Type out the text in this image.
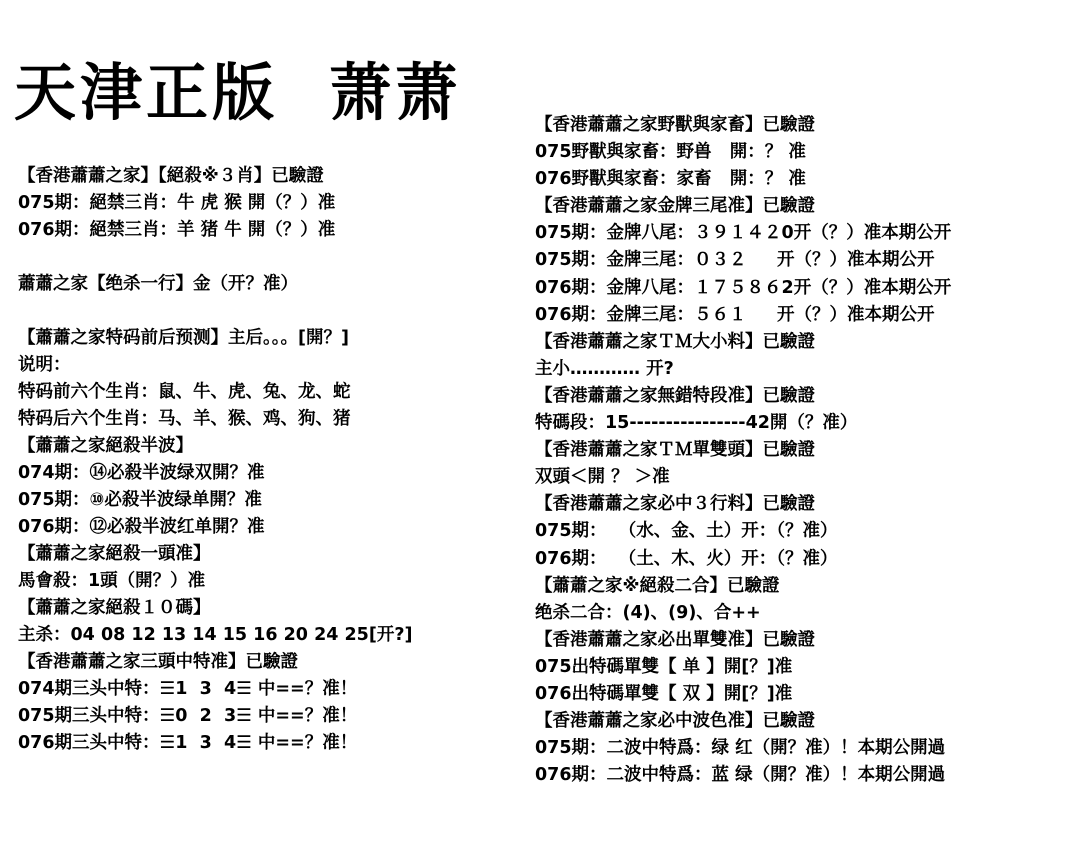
天津正版  萧萧
【香港蕭蕭之家】【絕殺※３肖】已驗證
075期：絕禁三肖：牛 虎 猴 開（？）准
076期：絕禁三肖：羊 猪 牛 開（？）准
蕭蕭之家【绝杀一行】金（开？准）
【蕭蕭之家特码前后预测】主后。。。[開？]
说明：
特码前六个生肖：鼠、牛、虎、兔、龙、蛇
特码后六个生肖：马、羊、猴、鸡、狗、猪
【蕭蕭之家絕殺半波】
074期：⑭必殺半波绿双開？准
075期：⑩必殺半波绿单開？准
076期：⑫必殺半波红单開？准
【蕭蕭之家絕殺一頭准】
馬會殺：1頭（開？）准
【蕭蕭之家絕殺１０碼】
主杀：04 08 12 13 14 15 16 20 24 25[开?]
【香港蕭蕭之家三頭中特准】已驗證
074期三头中特：☰1  3  4☰ 中==？准！
075期三头中特：☰0  2  3☰ 中==？准！
076期三头中特：☰1  3  4☰ 中==？准！
【香港蕭蕭之家野獸與家畜】已驗證
075野獸與家畜：野兽   開：？ 准
076野獸與家畜：家畜   開：？ 准
【香港蕭蕭之家金牌三尾准】已驗證
075期：金牌八尾：３９１４２0开（？）准本期公开
075期：金牌三尾：０３２     开（？）准本期公开
076期：金牌八尾：１７５８６2开（？）准本期公开
076期：金牌三尾：５６１     开（？）准本期公开
【香港蕭蕭之家ＴＭ大小料】已驗證
主小………… 开?
【香港蕭蕭之家無錯特段准】已驗證
特碼段：15----------------42開（？准）
【香港蕭蕭之家ＴＭ單雙頭】已驗證
双頭＜開 ？ ＞准
【香港蕭蕭之家必中３行料】已驗證
075期：  （水、金、土）开：（？准）
076期：  （土、木、火）开：（？准）
【蕭蕭之家※絕殺二合】已驗證
绝杀二合：(4)、(9)、合++
【香港蕭蕭之家必出單雙准】已驗證
075出特碼單雙【 单 】開[？]准
076出特碼單雙【 双 】開[？]准
【香港蕭蕭之家必中波色准】已驗證
075期：二波中特爲：绿 红（開？准）！本期公開過
076期：二波中特爲：蓝 绿（開？准）！本期公開過
